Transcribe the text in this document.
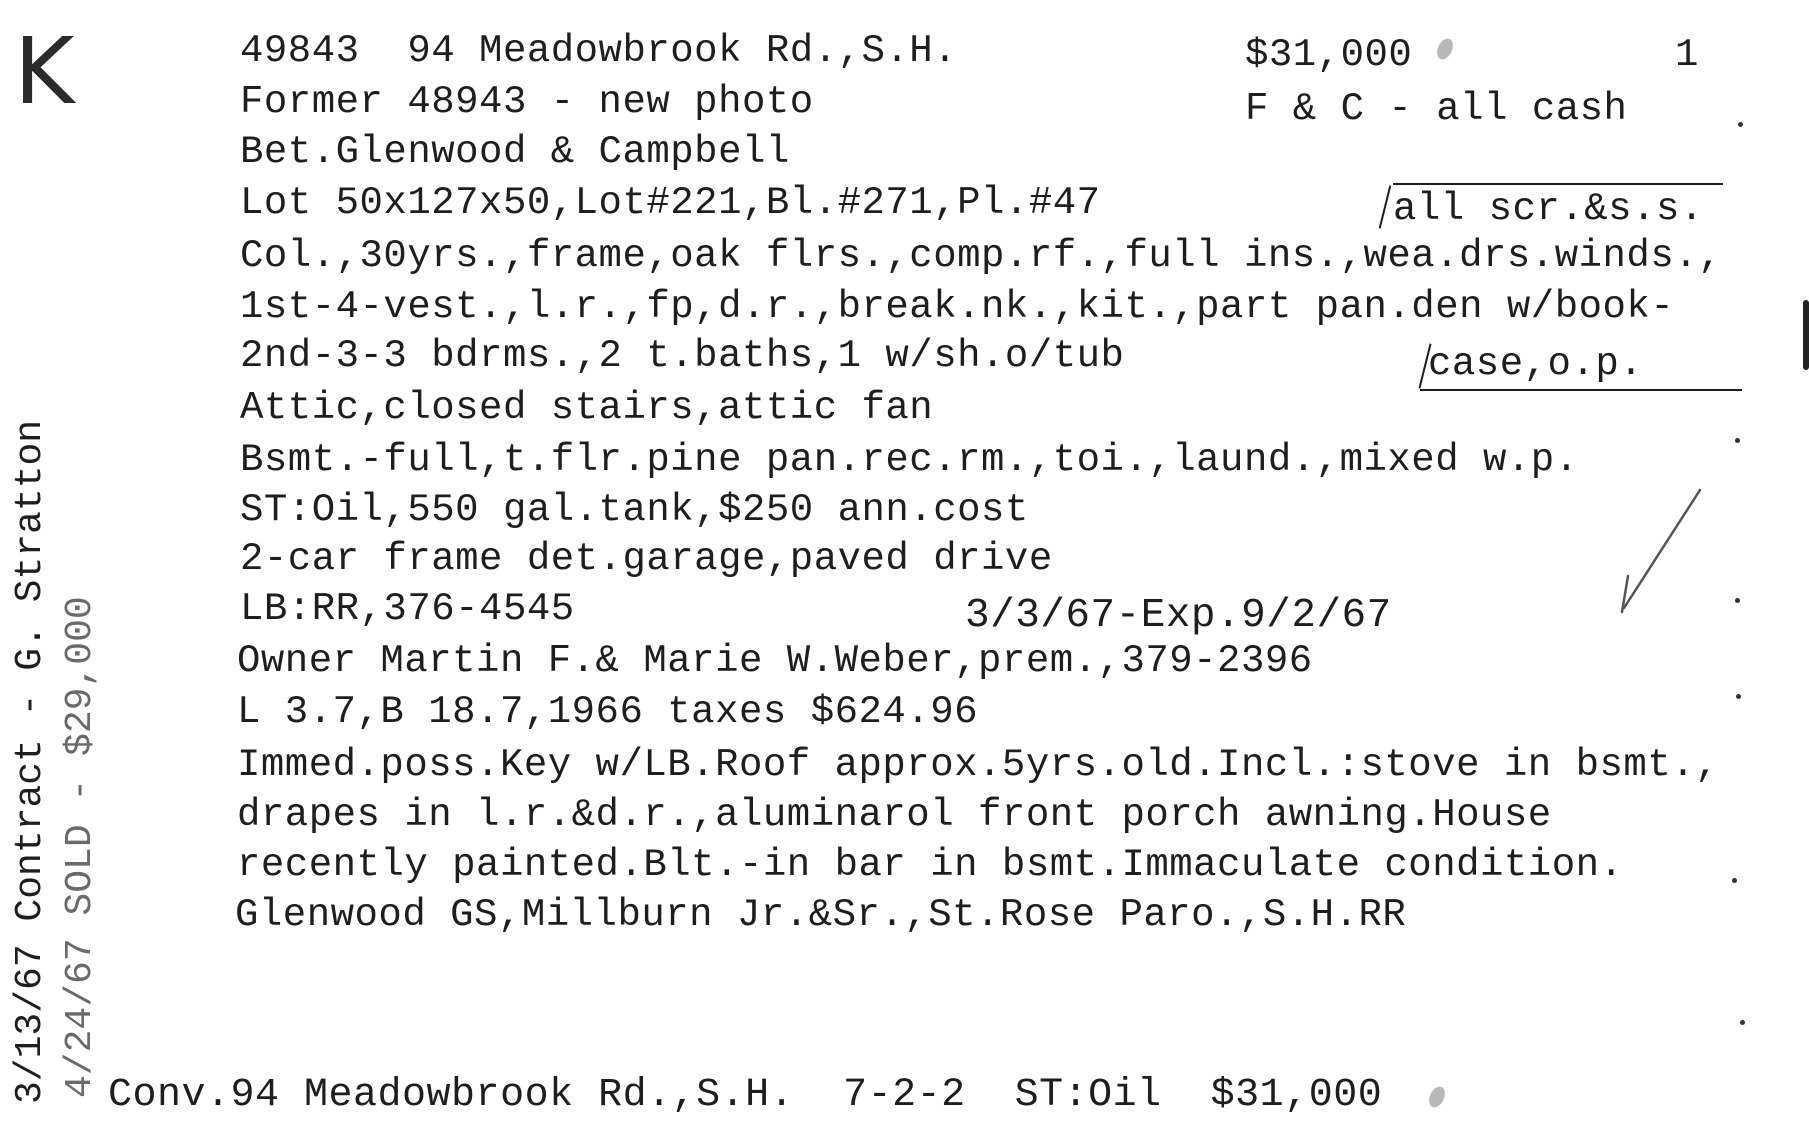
K	49843  94 Meadowbrook Rd.,S.H.
Former 48943 - new photo
Bet.Glenwood & Campbell
Lot 50x127x50,Lot#221,Bl.#271,Pl.#47
Col.,30yrs.,frame,oak flrs.,comp.rf.,full ins.,wea.drs.winds.,
1st-4-vest.,l.r.,fp,d.r.,break.nk.,kit.,part pan.den w/book-
2nd-3-3 bdrms.,2 t.baths,1 w/sh.o/tub
Attic,closed stairs,attic fan
Bsmt.-full,t.flr.pine pan.rec.rm.,toi.,laund.,mixed w.p.
ST:Oil,550 gal.tank,$250 ann.cost
2-car frame det.garage,paved drive
LB:RR,376-4545
Owner Martin F.& Marie W.Weber,prem.,379-2396
L 3.7,B 18.7,1966 taxes $624.96
Immed.poss.Key w/LB.Roof approx.5yrs.old.Incl.:stove in bsmt.,
drapes in l.r.&d.r.,aluminarol front porch awning.House
recently painted.Blt.-in bar in bsmt.Immaculate condition.
Glenwood GS,Millburn Jr.&Sr.,St.Rose Paro.,S.H.RR
$31,000	1
F & C - all cash
all scr.&s.s.
case,o.p.
3/3/67-Exp.9/2/67
3/13/67 Contract - G. Stratton 4/24/67 SOLD - $29,000 Conv.94 Meadowbrook Rd.,S.H.  7-2-2  ST:Oil  $31,000
